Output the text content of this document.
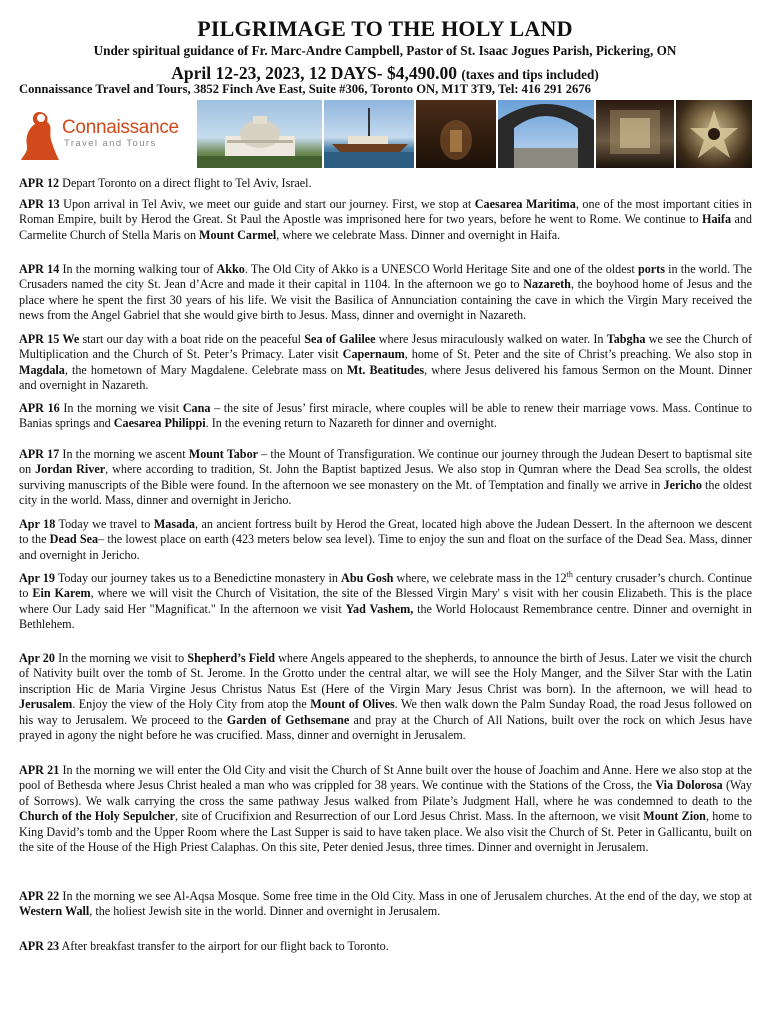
PILGRIMAGE TO THE HOLY LAND
Under spiritual guidance of Fr. Marc-Andre Campbell, Pastor of St. Isaac Jogues Parish, Pickering, ON
April 12-23, 2023, 12 DAYS- $4,490.00 (taxes and tips included)
Connaissance Travel and Tours, 3852 Finch Ave East, Suite #306, Toronto ON, M1T 3T9, Tel: 416 291 2676
Connaissance
Travel and Tours

APR 12 Depart Toronto on a direct flight to Tel Aviv, Israel.

APR 13 Upon arrival in Tel Aviv, we meet our guide and start our journey. First, we stop at Caesarea Maritima, one of the most important cities in Roman Empire, built by Herod the Great. St Paul the Apostle was imprisoned here for two years, before he went to Rome. We continue to Haifa and Carmelite Church of Stella Maris on Mount Carmel, where we celebrate Mass. Dinner and overnight in Haifa.

APR 14 In the morning walking tour of Akko. The Old City of Akko is a UNESCO World Heritage Site and one of the oldest ports in the world. The Crusaders named the city St. Jean d’Acre and made it their capital in 1104. In the afternoon we go to Nazareth, the boyhood home of Jesus and the place where he spent the first 30 years of his life. We visit the Basilica of Annunciation containing the cave in which the Virgin Mary received the news from the Angel Gabriel that she would give birth to Jesus. Mass, dinner and overnight in Nazareth.

APR 15 We start our day with a boat ride on the peaceful Sea of Galilee where Jesus miraculously walked on water. In Tabgha we see the Church of Multiplication and the Church of St. Peter’s Primacy. Later visit Capernaum, home of St. Peter and the site of Christ’s preaching. We also stop in Magdala, the hometown of Mary Magdalene. Celebrate mass on Mt. Beatitudes, where Jesus delivered his famous Sermon on the Mount. Dinner and overnight in Nazareth.

APR 16 In the morning we visit Cana – the site of Jesus’ first miracle, where couples will be able to renew their marriage vows. Mass. Continue to Banias springs and Caesarea Philippi. In the evening return to Nazareth for dinner and overnight.

APR 17 In the morning we ascent Mount Tabor – the Mount of Transfiguration. We continue our journey through the Judean Desert to baptismal site on Jordan River, where according to tradition, St. John the Baptist baptized Jesus. We also stop in Qumran where the Dead Sea scrolls, the oldest surviving manuscripts of the Bible were found. In the afternoon we see monastery on the Mt. of Temptation and finally we arrive in Jericho the oldest city in the world. Mass, dinner and overnight in Jericho.

Apr 18 Today we travel to Masada, an ancient fortress built by Herod the Great, located high above the Judean Dessert. In the afternoon we descent to the Dead Sea– the lowest place on earth (423 meters below sea level). Time to enjoy the sun and float on the surface of the Dead Sea. Mass, dinner and overnight in Jericho.

Apr 19 Today our journey takes us to a Benedictine monastery in Abu Gosh where, we celebrate mass in the 12th century crusader’s church. Continue to Ein Karem, where we will visit the Church of Visitation, the site of the Blessed Virgin Mary' s visit with her cousin Elizabeth. This is the place where Our Lady said Her "Magnificat." In the afternoon we visit Yad Vashem, the World Holocaust Remembrance centre. Dinner and overnight in Bethlehem.

Apr 20 In the morning we visit to Shepherd’s Field where Angels appeared to the shepherds, to announce the birth of Jesus. Later we visit the church of Nativity built over the tomb of St. Jerome. In the Grotto under the central altar, we will see the Holy Manger, and the Silver Star with the Latin inscription Hic de Maria Virgine Jesus Christus Natus Est (Here of the Virgin Mary Jesus Christ was born). In the afternoon, we will head to Jerusalem. Enjoy the view of the Holy City from atop the Mount of Olives. We then walk down the Palm Sunday Road, the road Jesus followed on his way to Jerusalem. We proceed to the Garden of Gethsemane and pray at the Church of All Nations, built over the rock on which Jesus have prayed in agony the night before he was crucified. Mass, dinner and overnight in Jerusalem.

APR 21 In the morning we will enter the Old City and visit the Church of St Anne built over the house of Joachim and Anne. Here we also stop at the pool of Bethesda where Jesus Christ healed a man who was crippled for 38 years. We continue with the Stations of the Cross, the Via Dolorosa (Way of Sorrows). We walk carrying the cross the same pathway Jesus walked from Pilate’s Judgment Hall, where he was condemned to death to the Church of the Holy Sepulcher, site of Crucifixion and Resurrection of our Lord Jesus Christ. Mass. In the afternoon, we visit Mount Zion, home to King David’s tomb and the Upper Room where the Last Supper is said to have taken place. We also visit the Church of St. Peter in Gallicantu, built on the site of the House of the High Priest Calaphas. On this site, Peter denied Jesus, three times. Dinner and overnight in Jerusalem.

APR 22 In the morning we see Al-Aqsa Mosque. Some free time in the Old City. Mass in one of Jerusalem churches. At the end of the day, we stop at Western Wall, the holiest Jewish site in the world. Dinner and overnight in Jerusalem.

APR 23 After breakfast transfer to the airport for our flight back to Toronto.
